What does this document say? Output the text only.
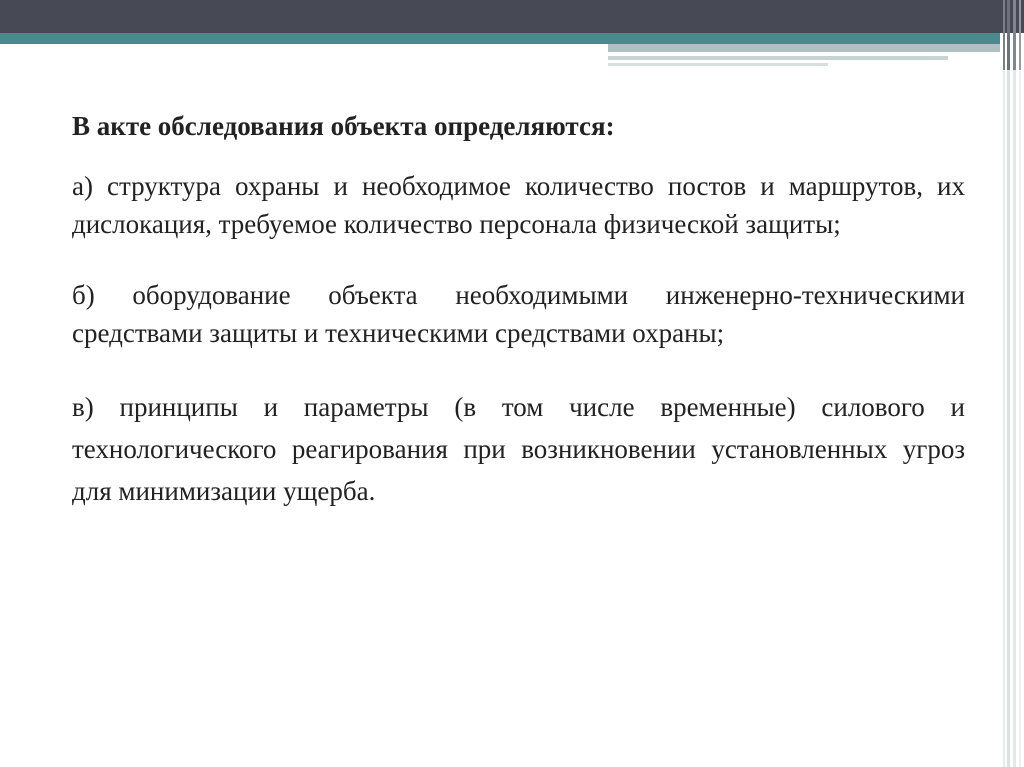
В акте обследования объекта определяются:

а) структура охраны и необходимое количество постов и маршрутов, их дислокация, требуемое количество персонала физической защиты;

б) оборудование объекта необходимыми инженерно-техническими средствами защиты и техническими средствами охраны;

в) принципы и параметры (в том числе временные) силового и технологического реагирования при возникновении установленных угроз для минимизации ущерба.
